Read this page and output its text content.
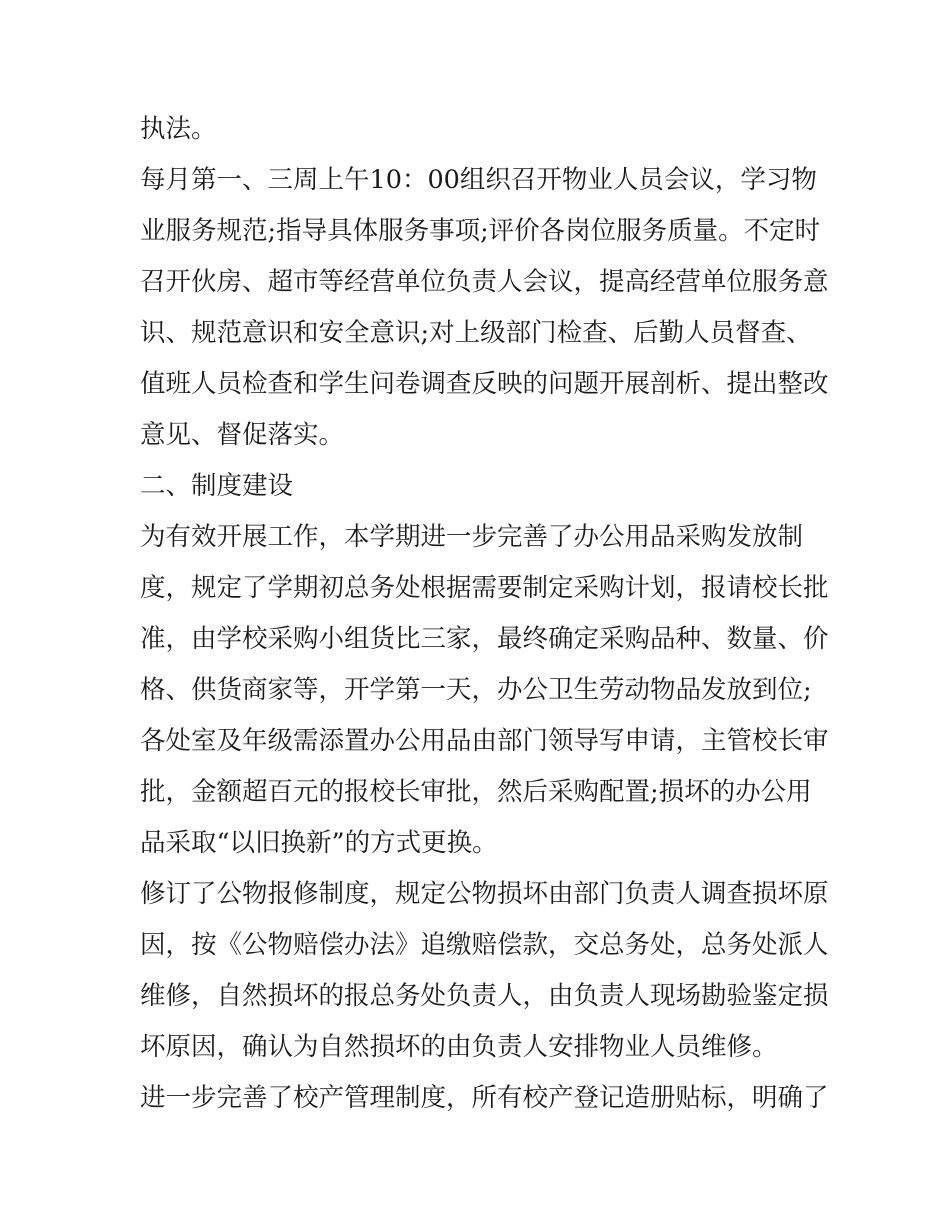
执法。
每月第一、三周上午10：00组织召开物业人员会议，学习物
业服务规范;指导具体服务事项;评价各岗位服务质量。不定时
召开伙房、超市等经营单位负责人会议，提高经营单位服务意
识、规范意识和安全意识;对上级部门检查、后勤人员督查、
值班人员检查和学生问卷调查反映的问题开展剖析、提出整改
意见、督促落实。
二、制度建设
为有效开展工作，本学期进一步完善了办公用品采购发放制
度，规定了学期初总务处根据需要制定采购计划，报请校长批
准，由学校采购小组货比三家，最终确定采购品种、数量、价
格、供货商家等，开学第一天，办公卫生劳动物品发放到位;
各处室及年级需添置办公用品由部门领导写申请，主管校长审
批，金额超百元的报校长审批，然后采购配置;损坏的办公用
品采取“以旧换新”的方式更换。
修订了公物报修制度，规定公物损坏由部门负责人调查损坏原
因，按《公物赔偿办法》追缴赔偿款，交总务处，总务处派人
维修，自然损坏的报总务处负责人，由负责人现场勘验鉴定损
坏原因，确认为自然损坏的由负责人安排物业人员维修。
进一步完善了校产管理制度，所有校产登记造册贴标，明确了
